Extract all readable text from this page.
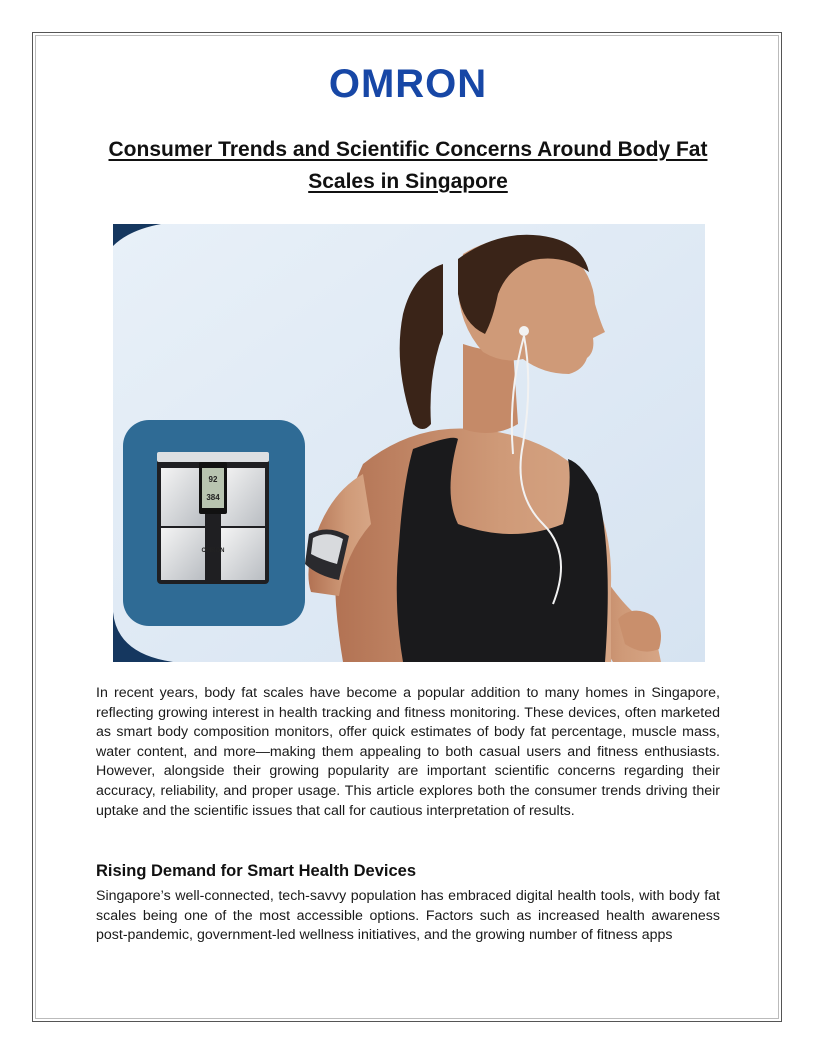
OMRON
Consumer Trends and Scientific Concerns Around Body Fat Scales in Singapore
92
384
OMRON

In recent years, body fat scales have become a popular addition to many homes in Singapore, reflecting growing interest in health tracking and fitness monitoring. These devices, often marketed as smart body composition monitors, offer quick estimates of body fat percentage, muscle mass, water content, and more—making them appealing to both casual users and fitness enthusiasts. However, alongside their growing popularity are important scientific concerns regarding their accuracy, reliability, and proper usage. This article explores both the consumer trends driving their uptake and the scientific issues that call for cautious interpretation of results.

Rising Demand for Smart Health Devices

Singapore’s well-connected, tech-savvy population has embraced digital health tools, with body fat scales being one of the most accessible options. Factors such as increased health awareness post-pandemic, government-led wellness initiatives, and the growing number of fitness apps
